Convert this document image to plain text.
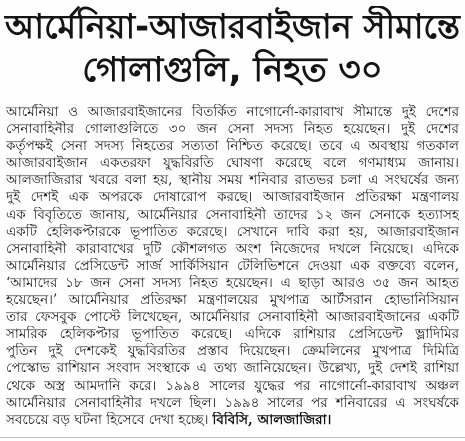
আর্মেনিয়া-আজারবাইজান সীমান্তে
গোলাগুলি, নিহত ৩০
আর্মেনিয়া ও আজারবাইজানের বিতর্কিত নাগোর্নো-কারাবাখ সীমান্তে দুই দেশের
সেনাবাহিনীর গোলাগুলিতে ৩০ জন সেনা সদস্য নিহত হয়েছেন। দুই দেশের
কর্তৃপক্ষই সেনা সদস্য নিহতের সত্যতা নিশ্চিত করেছে। তবে এ অবস্থায় গতকাল
আজারবাইজান একতরফা যুদ্ধবিরতি ঘোষণা করেছে বলে গণমাধ্যম জানায়।
আলজাজিরার খবরে বলা হয়, স্থানীয় সময় শনিবার রাতভর চলা এ সংঘর্ষের জন্য
দুই দেশই এক অপরকে দোষারোপ করছে। আজারবাইজান প্রতিরক্ষা মন্ত্রণালয়
এক বিবৃতিতে জানায়, আর্মেনিয়ার সেনাবাহিনী তাদের ১২ জন সেনাকে হত্যাসহ
একটি হেলিকপ্টারকে ভূপাতিত করেছে। সেখানে দাবি করা হয়, আজারবাইজান
সেনাবাহিনী কারাবাখের দুটি কৌশলগত অংশ নিজেদের দখলে নিয়েছে। এদিকে
আর্মেনিয়ার প্রেসিডেন্ট সার্জ সার্কিসিয়ান টেলিভিশনে দেওয়া এক বক্তব্যে বলেন,
‘আমাদের ১৮ জন সেনা সদস্য নিহত হয়েছেন। এ ছাড়া আরও ৩৫ জন আহত
হয়েছেন।’ আর্মেনিয়ার প্রতিরক্ষা মন্ত্রণালয়ের মুখপাত্র আর্টসরান হোভানিসিয়ান
তার ফেসবুক পোস্টে লিখেছেন, আর্মেনিয়ার সেনাবাহিনী আজারবাইজানের একটি
সামরিক হেলিকপ্টার ভূপাতিত করেছে। এদিকে রাশিয়ার প্রেসিডেন্ট ভ্লাদিমির
পুতিন দুই দেশকেই যুদ্ধবিরতির প্রস্তাব দিয়েছেন। ক্রেমলিনের মুখপাত্র দিমিত্রি
পেস্কোভ রাশিয়ান সংবাদ সংস্থাকে এ তথ্য জানিয়েছেন। উল্লেখ্য, দুই দেশই রাশিয়া
থেকে অস্ত্র আমদানি করে। ১৯৯৪ সালের যুদ্ধের পর নাগোর্নো-কারাবাখ অঞ্চল
আর্মেনিয়ার সেনাবাহিনীর দখলে ছিল। ১৯৯৪ সালের পর শনিবারের এ সংঘর্ষকে
সবচেয়ে বড় ঘটনা হিসেবে দেখা হচ্ছে। বিবিসি, আলজাজিরা।
